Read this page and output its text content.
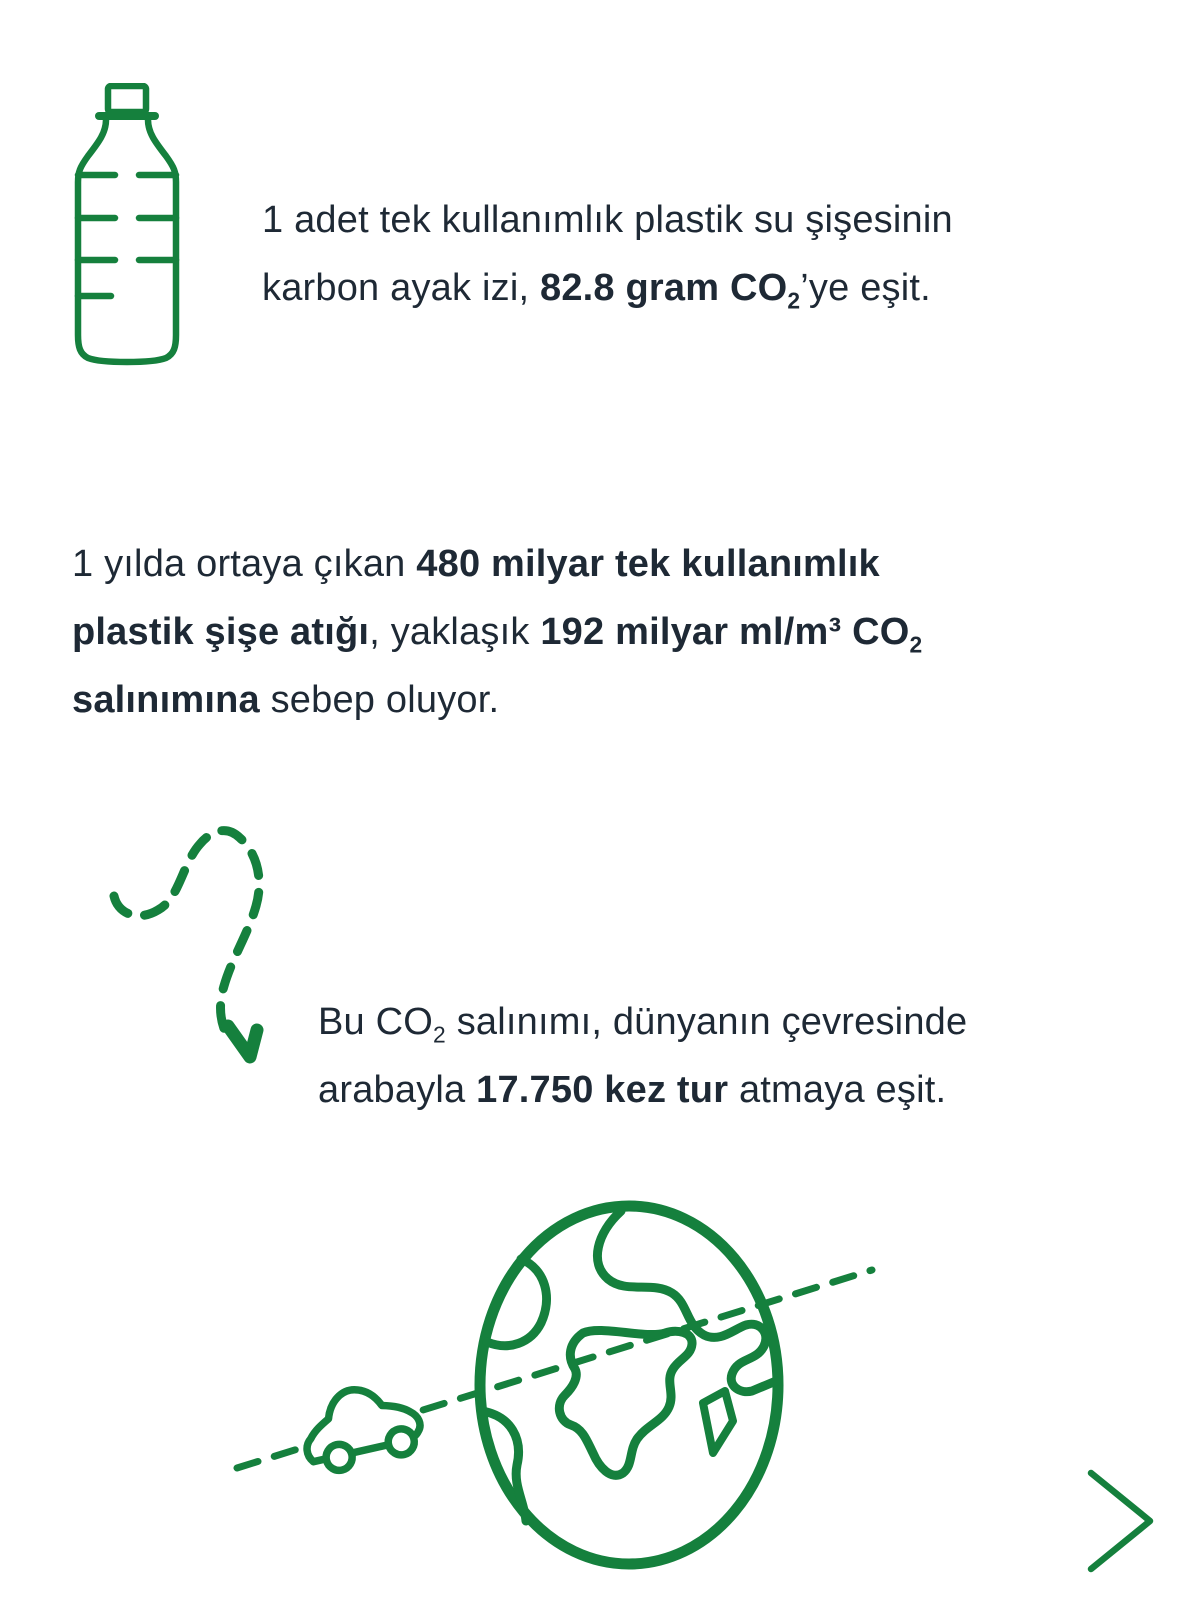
1 adet tek kullanımlık plastik su şişesinin
karbon ayak izi, 82.8 gram $CO_2’ye$ eşit.

1 yılda ortaya çıkan 480 milyar tek kullanımlık
plastik şişe atığı, yaklaşık 192 milyar ml/m³ $CO_2$
salınımına sebep oluyor.

Bu $CO_2$ salınımı, dünyanın çevresinde
arabayla 17.750 kez tur atmaya eşit.
